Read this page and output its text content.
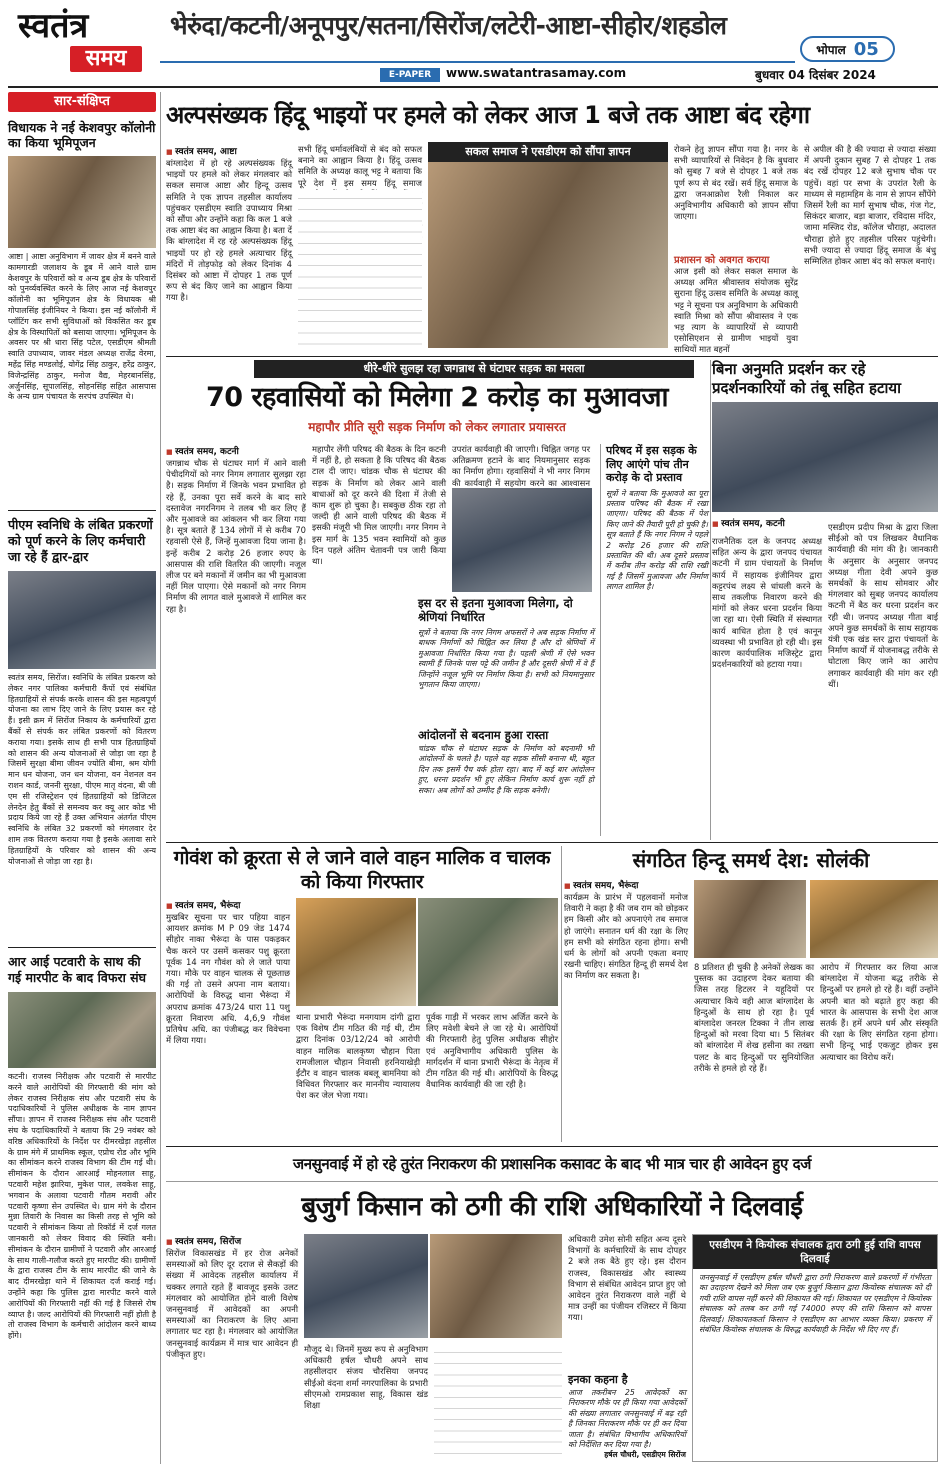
स्वतंत्र
समय
भेरुंदा/कटनी/अनूपपुर/सतना/सिरोंज/लटेरी-आष्टा-सीहोर/शहडोल
भोपाल 05
E-PAPER	www.swatantrasamay.com	बुधवार 04 दिसंबर 2024
सार-संक्षिप्त
विधायक ने नई केशवपुर कॉलोनी का किया भूमिपूजन
आष्टा | आष्टा अनुविभाग में जावर क्षेत्र में बनने वाले कामगारडी जलाशय के डूब में आने वाले ग्राम केशवपुर के परिवारों को व अन्य डूब क्षेत्र के परिवारों को पुनर्व्यवस्थित करने के लिए आज नई केशवपुर कॉलोनी का भूमिपूजन क्षेत्र के विधायक श्री गोपालसिंह इंजीनियर ने किया। इस नई कॉलोनी में प्लॉटिंग कर सभी सुविधाओं को विकसित कर डूब क्षेत्र के विस्थापितों को बसाया जाएगा। भूमिपूजन के अवसर पर श्री धारा सिंह पटेल, एसडीएम श्रीमती स्वाति उपाध्याय, जावर मंडल अध्यक्ष राजेंद्र वेरमा, महेंद्र सिंह मण्डलोई, योगेंद्र सिंह ठाकुर, हरेंद्र ठाकुर, विजेन्द्रसिंह ठाकुर, मनोज वैद्य, मेहरबानसिंह, अर्जुनसिंह, सूपालसिंह, सोहनसिंह सहित आसपास के अन्य ग्राम पंचायत के सरपंच उपस्थित थे।
पीएम स्वनिधि के लंबित प्रकरणों को पूर्ण करने के लिए कर्मचारी जा रहे हैं द्वार-द्वार
स्वतंत्र समय, सिरोंज। स्वनिधि के लंबित प्रकरण को लेकर नगर पालिका कर्मचारी कैंपों एवं संबंधित हितग्राहियों से संपर्क करके शासन की इस महत्वपूर्ण योजना का लाभ दिए जाने के लिए प्रयास कर रहे हैं। इसी क्रम में सिरोंज निकाय के कर्मचारियों द्वारा बैंकों से संपर्क कर लंबित प्रकरणों को वितरण कराया गया। इसके साथ ही सभी पात्र हितग्राहियों को शासन की अन्य योजनाओं से जोड़ा जा रहा है जिसमें सुरक्षा बीमा जीवन ज्योति बीमा, श्रम योगी मान धन योजना, जन धन योजना, वन नेशनल वन राशन कार्ड, जननी सुरक्षा, पीएम मातृ वंदना, बी जी एम सी रजिस्ट्रेशन एवं हितग्राहियों को डिजिटल लेनदेन हेतु बैंकों से समन्वय कर क्यू आर कोड भी प्रदाय किये जा रहे हैं उक्त अभियान अंतर्गत पीएम स्वनिधि के लंबित 32 प्रकरणों को मंगलवार देर शाम तक वितरण कराया गया है इसके अलावा सारे हितग्राहियों के परिवार को शासन की अन्य योजनाओं से जोड़ा जा रहा है।
आर आई पटवारी के साथ की गई मारपीट के बाद विफरा संघ
कटनी। राजस्व निरीक्षक और पटवारी से मारपीट करने वाले आरोपियों की गिरफ्तारी की मांग को लेकर राजस्व निरीक्षक संघ और पटवारी संघ के पदाधिकारियों ने पुलिस अधीक्षक के नाम ज्ञापन सौंपा। ज्ञापन में राजस्व निरीक्षक संघ और पटवारी संघ के पदाधिकारियों ने बताया कि 29 नवंबर को वरिष्ठ अधिकारियों के निर्देश पर दीमरखेड़ा तहसील के ग्राम मंगे में प्राथमिक स्कूल, एप्रोच रोड और भूमि का सीमांकन करने राजस्व विभाग की टीम गई थी। सीमांकन के दौरान आरआई मोहनलाल साहू, पटवारी महेश झारिया, मुकेश पाल, लवकेश साहू, भगवान के अलावा पटवारी गौतम मरावी और पटवारी कृष्णा सेन उपस्थित थे। ग्राम मंगे के दौरान मुन्ना तिवारी के निवास का किसी तरह से भूमि को पटवारी ने सीमांकन किया तो रिकॉर्ड में दर्ज गलत जानकारी को लेकर विवाद की स्थिति बनी। सीमांकन के दौरान ग्रामीणों ने पटवारी और आरआई के साथ गाली-गलौज करते हुए मारपीट की। ग्रामीणों के द्वारा राजस्व टीम के साथ मारपीट की जाने के बाद दीमरखेड़ा थाने में शिकायत दर्ज कराई गई। उन्होंने कहा कि पुलिस द्वारा मारपीट करने वाले आरोपियों की गिरफ्तारी नहीं की गई है जिससे रोष व्याप्त है। जल्द आरोपियों की गिरफ्तारी नहीं होती है तो राजस्व विभाग के कर्मचारी आंदोलन करने बाध्य होंगे।
अल्पसंख्यक हिंदू भाइयों पर हमले को लेकर आज 1 बजे तक आष्टा बंद रहेगा
■ स्वतंत्र समय, आष्टा
बांग्लादेश में हो रहे अल्पसंख्यक हिंदू भाइयों पर हमले को लेकर मंगलवार को सकल समाज आष्टा और हिन्दू उत्सव समिति ने एक ज्ञापन तहसील कार्यालय पहुंचकर एसडीएम स्वाति उपाध्याय मिश्रा को सौंपा और उन्होंने कहा कि कल 1 बजे तक आष्टा बंद का आह्वान किया है। बता दें कि बांग्लादेश में रह रहे अल्पसंख्यक हिंदू भाइयों पर हो रहे हमले अत्याचार हिंदू मंदिरों में तोड़फोड़ को लेकर दिनांक 4 दिसंबर को आष्टा में दोपहर 1 तक पूर्ण रूप से बंद किए जाने का आह्वान किया गया है।
सभी हिंदू धर्मावलंबियों से बंद को सफल बनाने का आह्वान किया है। हिंदू उत्सव समिति के अध्यक्ष कालू भट्ट ने बताया कि पूरे देश में इस समय हिंदू समाज
सकल समाज ने एसडीएम को सौंपा ज्ञापन	रोकने हेतु ज्ञापन सौंपा गया है। नगर के सभी व्यापारियों से निवेदन है कि बुधवार को सुबह 7 बजे से दोपहर 1 बजे तक पूर्ण रूप से बंद रखें। सर्व हिंदू समाज के द्वारा जनआक्रोश रैली निकाल कर अनुविभागीय अधिकारी को ज्ञापन सौंपा जाएगा।
प्रशासन को अवगत कराया
आज इसी को लेकर सकल समाज के अध्यक्ष अमित श्रीवास्तव संयोजक सुरेंद्र सुराना हिंदू उत्सव समिति के अध्यक्ष कालू भट्ट ने सूचना पत्र अनुविभाग के अधिकारी स्वाति मिश्रा को सौंपा श्रीवास्तव ने एक भड़ त्याग के व्यापारियों से व्यापारी एसोसिएशन से ग्रामीण भाइयों युवा साथियों मात बहनों
से अपील की है की ज्यादा से ज्यादा संख्या में अपनी दुकान सुबह 7 से दोपहर 1 तक बंद रखें दोपहर 12 बजे सुभाष चौक पर पहुंचें। वहां पर सभा के उपरांत रैली के माध्यम से महामहिम के नाम से ज्ञापन सौंपेंगे जिसमें रैली का मार्ग सुभाष चौक, गंज गेट, सिकंदर बाजार, बड़ा बाजार, रविदास मंदिर, जामा मस्जिद रोड, कॉलेज चौराहा, अदालत चौराहा होते हुए तहसील परिसर पहुंचेगी। सभी ज्यादा से ज्यादा हिंदू समाज के बंधु सम्मिलित होकर आष्टा बंद को सफल बनाएं।
धीरे-धीरे सुलझ रहा जगन्नाथ से घंटाघर सड़क का मसला
70 रहवासियों को मिलेगा 2 करोड़ का मुआवजा
महापौर प्रीति सूरी सड़क निर्माण को लेकर लगातार प्रयासरत
■ स्वतंत्र समय, कटनी
जगन्नाथ चौक से घंटाघर मार्ग में आने वाली पेचीदगियों को नगर निगम लगातार सुलझा रहा है। सड़क निर्माण में जिनके भवन प्रभावित हो रहे हैं, उनका पूरा सर्वे करने के बाद सारे दस्तावेज नगरनिगम ने तलब भी कर लिए हैं और मुआवजे का आंकलन भी कर लिया गया है। सूत्र बताते हैं 134 लोगों में से करीब 70 रहवासी ऐसे हैं, जिन्हें मुआवजा दिया जाना है। इन्हें करीब 2 करोड़ 26 हजार रुपए के आसपास की राशि वितरित की जाएगी। नजूल लीज पर बने मकानों में जमीन का भी मुआवजा नहीं मिल पाएगा। ऐसे मकानों को नगर निगम निर्माण की लागत वाले मुआवजे में शामिल कर रहा है।
महापौर लेंगी परिषद की बैठक के दिन कटनी में नहीं है, हो सकता है कि परिषद की बैठक टाल दी जाए। चांडक चौक से घंटाघर की सड़क के निर्माण को लेकर आने वाली बाधाओं को दूर करने की दिशा में तेजी से काम शुरू हो चुका है। सबकुछ ठीक रहा तो जल्दी ही आने वाली परिषद की बैठक में इसकी मंजूरी भी मिल जाएगी। नगर निगम ने इस मार्ग के 135 भवन स्वामियों को कुछ दिन पहले अंतिम चेतावनी पत्र जारी किया था।
उपरांत कार्यवाही की जाएगी। चिह्नित जगह पर अतिक्रमण हटाने के बाद नियमानुसार सड़क का निर्माण होगा। रहवासियों ने भी नगर निगम की कार्यवाही में सहयोग करने का आश्वासन
इस दर से इतना मुआवजा मिलेगा, दो श्रेणियां निर्धारित
सूत्रों ने बताया कि नगर निगम अफसरों ने अब सड़क निर्माण में बाधक निर्माणों को चिह्नित कर लिया है और दो श्रेणियों में मुआवजा निर्धारित किया गया है। पहली श्रेणी में ऐसे भवन स्वामी हैं जिनके पास पट्टे की जमीन है और दूसरी श्रेणी में वे हैं जिन्होंने नजूल भूमि पर निर्माण किया है। सभी को नियमानुसार भुगतान किया जाएगा।
आंदोलनों से बदनाम हुआ रास्ता
चांडक चौक से घंटाघर सड़क के निर्माण को बदनामी भी आंदोलनों के चलते है। पहले यह सड़क सीसी बनाना थी, बहुत दिन तक इसमें पैच वर्क होता रहा। बाद में कई बार आंदोलन हुए, धरना प्रदर्शन भी हुए लेकिन निर्माण कार्य शुरू नहीं हो सका। अब लोगों को उम्मीद है कि सड़क बनेगी।
परिषद में इस सड़क के लिए आएंगे पांच तीन करोड़ के दो प्रस्ताव
सूत्रों ने बताया कि मुआवजे का पूरा प्रस्ताव परिषद की बैठक में रखा जाएगा। परिषद की बैठक में पेश किए जाने की तैयारी पूरी हो चुकी है। सूत्र बताते हैं कि नगर निगम ने पहले 2 करोड़ 26 हजार की राशि प्रस्तावित की थी। अब दूसरे प्रस्ताव में करीब तीन करोड़ की राशि रखी गई है जिसमें मुआवजा और निर्माण लागत शामिल है।
बिना अनुमति प्रदर्शन कर रहे प्रदर्शनकारियों को तंबू सहित हटाया
■ स्वतंत्र समय, कटनी
राजनैतिक दल के जनपद अध्यक्ष सहित अन्य के द्वारा जनपद पंचायत कटनी में ग्राम पंचायतों के निर्माण कार्य में सहायक इंजीनियर द्वारा कट्टरपंथ लक्ष्य से धांधली करने के साथ तकलीफ निवारण करने की मांगों को लेकर धरना प्रदर्शन किया जा रहा था। ऐसी स्थिति में संस्थागत कार्य बाधित होता है एवं कानून व्यवस्था भी प्रभावित हो रही थी। इस कारण कार्यपालिक मजिस्ट्रेट द्वारा प्रदर्शनकारियों को हटाया गया।
एसडीएम प्रदीप मिश्रा के द्वारा जिला सीईओ को पत्र लिखकर वैधानिक कार्यवाही की मांग की है। जानकारी के अनुसार के अनुसार जनपद अध्यक्ष गीता देवी अपने कुछ समर्थकों के साथ सोमवार और मंगलवार को सुबह जनपद कार्यालय कटनी में बैठ कर धरना प्रदर्शन कर रही थी। जनपद अध्यक्ष गीता बाई अपने कुछ समर्थकों के साथ सहायक यंत्री एक खंड स्तर द्वारा पंचायतों के निर्माण कार्यों में योजनाबद्ध तरीके से घोटाला किए जाने का आरोप लगाकर कार्यवाही की मांग कर रही थीं।
गोवंश को क्रूरता से ले जाने वाले वाहन मालिक व चालक को किया गिरफ्तार
■ स्वतंत्र समय, भैरूंदा
मुखबिर सूचना पर चार पहिया वाहन आयशर क्रमांक M P 09 जेड 1474 सीहोर नाका भैरूंदा के पास पकड़कर चैक करने पर उसमें कसकर पशु क्रूरता पूर्वक 14 नग गौवंश को ले जाते पाया गया। मौके पर वाहन चालक से पूछताछ की गई तो उसने अपना नाम बताया। आरोपियों के विरुद्ध थाना भैरूंदा में अपराध क्रमांक 473/24 धारा 11 पशु क्रूरता निवारण अधि. 4,6,9 गौवंश प्रतिषेध अधि. का पंजीबद्ध कर विवेचना में लिया गया।
थाना प्रभारी भैरूंदा मनगयाम दांगी द्वारा एक विशेष टीम गठित की गई थी, टीम द्वारा दिनांक 03/12/24 को आरोपी वाहन मालिक बालकृष्ण चौहान पिता रामजीलाल चौहान निवासी हरनियाखेड़ी ईंटौर व वाहन चालक बबलू बामनिया को विधिवत गिरफ्तार कर माननीय न्यायालय पेश कर जेल भेजा गया।
पूर्वक गाड़ी में भरकर लाभ अर्जित करने के लिए मवेशी बेचने ले जा रहे थे। आरोपियों की गिरफ्तारी हेतु पुलिस अधीक्षक सीहोर एवं अनुविभागीय अधिकारी पुलिस के मार्गदर्शन में थाना प्रभारी भैरूंदा के नेतृत्व में टीम गठित की गई थी। आरोपियों के विरुद्ध वैधानिक कार्यवाही की जा रही है।
संगठित हिन्दू समर्थ देश: सोलंकी
■ स्वतंत्र समय, भैरूंदा
कार्यक्रम के प्रारंभ में पहलवानों मनोज तिवारी ने कहा है की जब राम को छोड़कर हम किसी और को अपनाएंगे तब समाज हो जाएंगे। सनातन धर्म की रक्षा के लिए हम सभी को संगठित रहना होगा। सभी धर्म के लोगों को अपनी एकता बनाए रखनी चाहिए। संगठित हिन्दू ही समर्थ देश का निर्माण कर सकता है।
8 प्रतिशत ही चुकी है अनेकों लेखक का पुस्तक का उदाहरण देकर बताया की जिस तरह हिटलर ने यहूदियों पर अत्याचार किये वही आज बांग्लादेश के हिन्दुओं के साथ हो रहा है। पूर्व बांग्लादेश जनरल टिक्का ने तीन लाख हिन्दुओं को मरवा दिया था। 5 सितंबर को बांग्लादेश में शेख हसीना का तख्ता पलट के बाद हिन्दुओं पर सुनियोजित तरीके से हमले हो रहे हैं।
आरोप में गिरफ्तार कर लिया आज बांग्लादेश में योजना बद्ध तरीके से हिन्दुओं पर हमले हो रहे हैं। वहीं उन्होंने अपनी बात को बढ़ाते हुए कहा की भारत के आसपास के सभी देश आज सतर्क हैं। हमें अपने धर्म और संस्कृति की रक्षा के लिए संगठित रहना होगा। सभी हिन्दू भाई एकजुट होकर इस अत्याचार का विरोध करें।
जनसुनवाई में हो रहे तुरंत निराकरण की प्रशासनिक कसावट के बाद भी मात्र चार ही आवेदन हुए दर्ज
बुजुर्ग किसान को ठगी की राशि अधिकारियों ने दिलवाई
■ स्वतंत्र समय, सिरोंज
सिरोंज विकासखंड में हर रोज अनेकों समस्याओं को लिए दूर दराज से सैकड़ों की संख्या में आवेदक तहसील कार्यालय में चक्कर लगाते रहते हैं बावजूद इसके उलट मंगलवार को आयोजित होने वाली विशेष जनसुनवाई में आवेदकों का अपनी समस्याओं का निराकरण के लिए आना लगातार घट रहा है। मंगलवार को आयोजित जनसुनवाई कार्यक्रम में मात्र चार आवेदन ही पंजीकृत हुए।	मौजूद थे। जिनमें मुख्य रूप से अनुविभाग अधिकारी हर्षल चौधरी अपने साथ तहसीलदार संजय चौरसिया जनपद सीईओ वंदना शर्मा नगरपालिका के प्रभारी सीएमओ रामप्रकाश साहू, विकास खंड शिक्षा
अधिकारी उमेश सोनी सहित अन्य दूसरे विभागों के कर्मचारियों के साथ दोपहर 2 बजे तक बैठे हुए रहे। इस दौरान राजस्व, विकासखंड और स्वास्थ्य विभाग से संबंधित आवेदन प्राप्त हुए जो आवेदन तुरंत निराकरण वाले नहीं थे मात्र उन्हीं का पंजीयन रजिस्टर में किया गया।
इनका कहना है
आज तकरीबन 25 आवेदकों का निराकरण मौके पर ही किया गया आवेदकों की संख्या लगातार जनसुनवाई में बढ़ रही है जिनका निराकरण मौके पर ही कर दिया जाता है। संबंधित विभागीय अधिकारियों को निर्देशित कर दिया गया है।
हर्षल चौधरी, एसडीएम सिरोंज
एसडीएम ने कियोस्क संचालक द्वारा ठगी हुई राशि वापस दिलवाई
जनसुनवाई में एसडीएम हर्षल चौधरी द्वारा ठगी निराकरण वाले प्रकरणों में गंभीरता का उदाहरण देखने को मिला जब एक बुजुर्ग किसान द्वारा कियोस्क संचालक को दी गयी राशि वापस नहीं करने की शिकायत की गई। शिकायत पर एसडीएम ने कियोस्क संचालक को तलब कर ठगी गई 74000 रुपए की राशि किसान को वापस दिलवाई। शिकायतकर्ता किसान ने एसडीएम का आभार व्यक्त किया। प्रकरण में संबंधित कियोस्क संचालक के विरुद्ध कार्यवाही के निर्देश भी दिए गए हैं।
